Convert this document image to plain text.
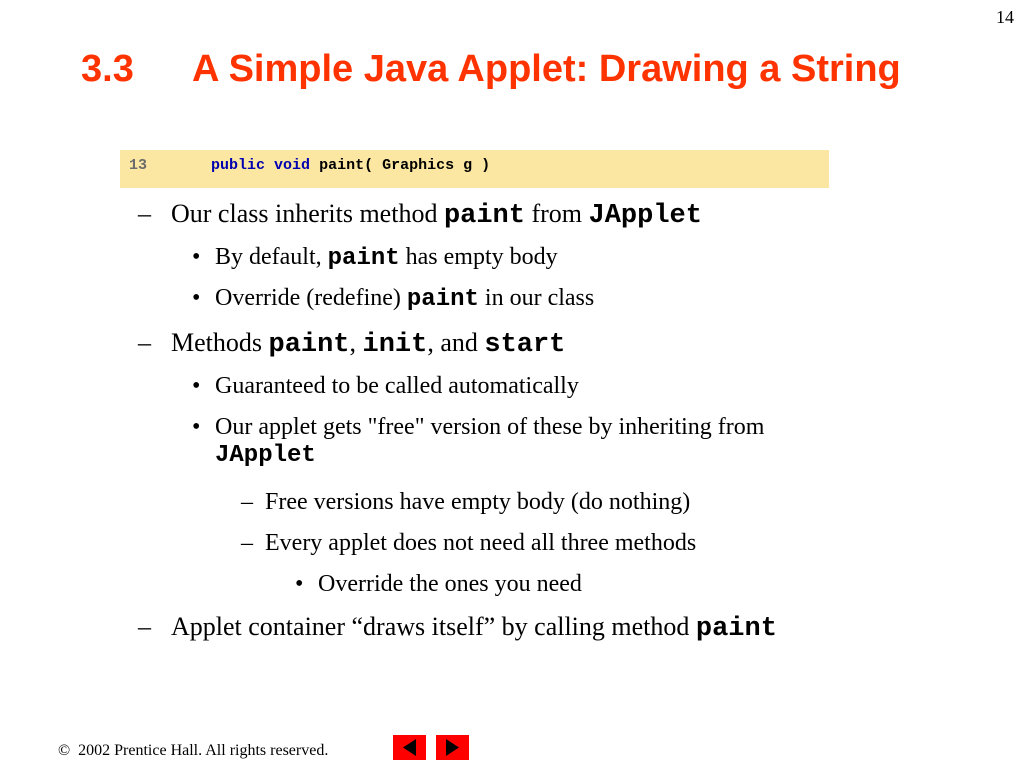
14
3.3 A Simple Java Applet: Drawing a String
13	public void paint( Graphics g )
– Our class inherits method paint from JApplet
• By default, paint has empty body
• Override (redefine) paint in our class
– Methods paint, init, and start
• Guaranteed to be called automatically
• Our applet gets "free" version of these by inheriting from
JApplet
– Free versions have empty body (do nothing)
– Every applet does not need all three methods
• Override the ones you need
– Applet container “draws itself” by calling method paint
© 2002 Prentice Hall. All rights reserved.
